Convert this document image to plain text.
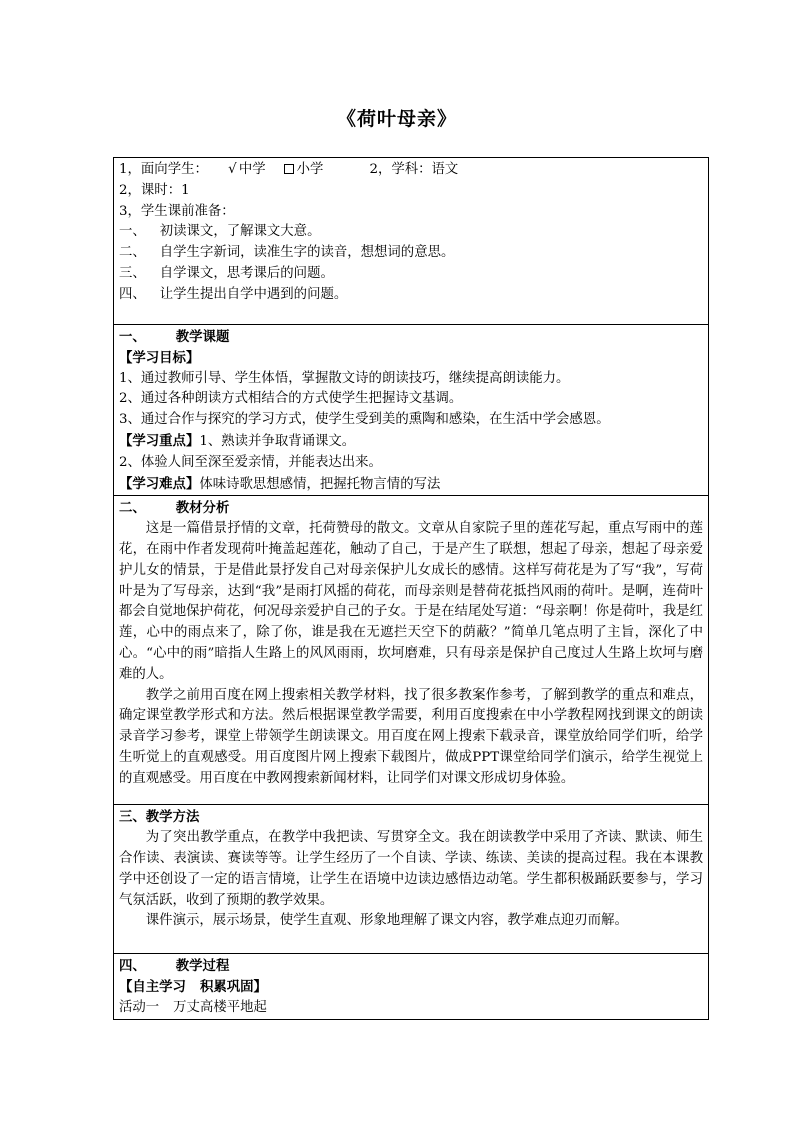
《荷叶母亲》
1，面向学生： √ 中学 小学	2，学科：语文
2，课时：1
3，学生课前准备：
一、 初读课文，了解课文大意。
二、 自学生字新词，读准生字的读音，想想词的意思。
三、 自学课文，思考课后的问题。
四、 让学生提出自学中遇到的问题。

一、 教学课题
【学习目标】
1、通过教师引导、学生体悟，掌握散文诗的朗读技巧，继续提高朗读能力。
2、通过各种朗读方式相结合的方式使学生把握诗文基调。
3、通过合作与探究的学习方式，使学生受到美的熏陶和感染，在生活中学会感恩。
【学习重点】1、熟读并争取背诵课文。
2、体验人间至深至爱亲情，并能表达出来。
【学习难点】体味诗歌思想感情，把握托物言情的写法

二、 教材分析
这是一篇借景抒情的文章，托荷赞母的散文。文章从自家院子里的莲花写起，重点写雨中的莲花，在雨中作者发现荷叶掩盖起莲花，触动了自己，于是产生了联想，想起了母亲，想起了母亲爱护儿女的情景，于是借此景抒发自己对母亲保护儿女成长的感情。这样写荷花是为了写“我”，写荷叶是为了写母亲，达到“我”是雨打风摇的荷花，而母亲则是替荷花抵挡风雨的荷叶。是啊，连荷叶都会自觉地保护荷花，何况母亲爱护自己的子女。于是在结尾处写道：“母亲啊！你是荷叶，我是红莲，心中的雨点来了，除了你，谁是我在无遮拦天空下的荫蔽？”简单几笔点明了主旨，深化了中心。“心中的雨”暗指人生路上的风风雨雨，坎坷磨难，只有母亲是保护自己度过人生路上坎坷与磨难的人。
教学之前用百度在网上搜索相关教学材料，找了很多教案作参考，了解到教学的重点和难点，确定课堂教学形式和方法。然后根据课堂教学需要，利用百度搜索在中小学教程网找到课文的朗读录音学习参考，课堂上带领学生朗读课文。用百度在网上搜索下载录音，课堂放给同学们听，给学生听觉上的直观感受。用百度图片网上搜索下载图片，做成PPT课堂给同学们演示，给学生视觉上的直观感受。用百度在中教网搜索新闻材料，让同学们对课文形成切身体验。

三、教学方法
为了突出教学重点，在教学中我把读、写贯穿全文。我在朗读教学中采用了齐读、默读、师生合作读、表演读、赛读等等。让学生经历了一个自读、学读、练读、美读的提高过程。我在本课教学中还创设了一定的语言情境，让学生在语境中边读边感悟边动笔。学生都积极踊跃要参与，学习气氛活跃，收到了预期的教学效果。
课件演示，展示场景，使学生直观、形象地理解了课文内容，教学难点迎刃而解。

四、 教学过程
【自主学习 积累巩固】
活动一 万丈高楼平地起
